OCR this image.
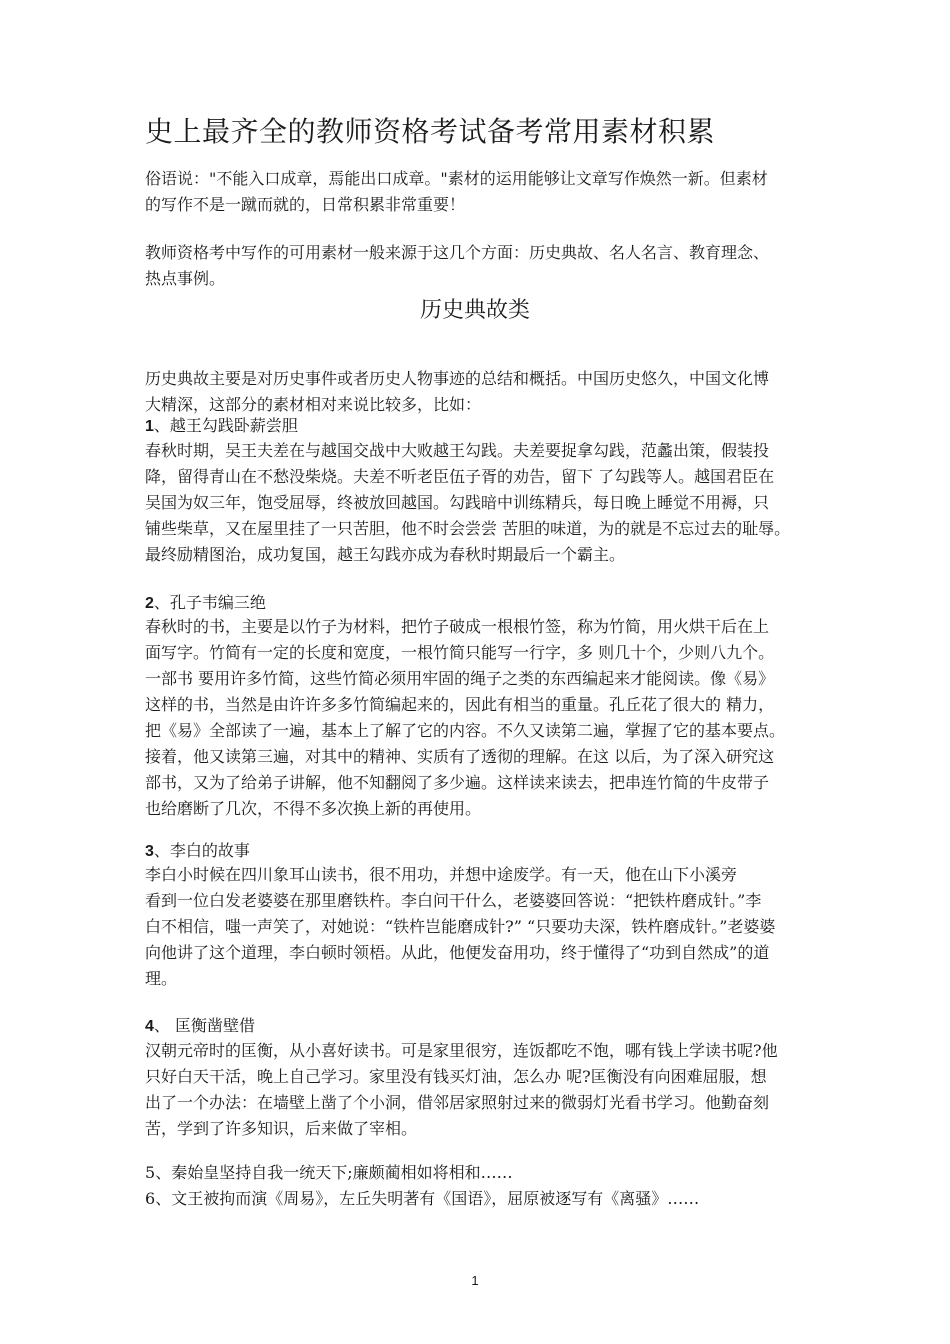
史上最齐全的教师资格考试备考常用素材积累

俗语说："不能入口成章，焉能出口成章。"素材的运用能够让文章写作焕然一新。但素材
的写作不是一蹴而就的，日常积累非常重要！

教师资格考中写作的可用素材一般来源于这几个方面：历史典故、名人名言、教育理念、
热点事例。

历史典故类

历史典故主要是对历史事件或者历史人物事迹的总结和概括。中国历史悠久，中国文化博
大精深，这部分的素材相对来说比较多，比如：

1、越王勾践卧薪尝胆

春秋时期，吴王夫差在与越国交战中大败越王勾践。夫差要捉拿勾践，范蠡出策，假装投
降，留得青山在不愁没柴烧。夫差不听老臣伍子胥的劝告，留下 了勾践等人。越国君臣在
吴国为奴三年，饱受屈辱，终被放回越国。勾践暗中训练精兵，每日晚上睡觉不用褥，只
铺些柴草，又在屋里挂了一只苦胆，他不时会尝尝 苦胆的味道，为的就是不忘过去的耻辱。
最终励精图治，成功复国，越王勾践亦成为春秋时期最后一个霸主。

2、孔子韦编三绝

春秋时的书，主要是以竹子为材料，把竹子破成一根根竹签，称为竹简，用火烘干后在上
面写字。竹简有一定的长度和宽度，一根竹简只能写一行字，多 则几十个，少则八九个。
一部书 要用许多竹简，这些竹简必须用牢固的绳子之类的东西编起来才能阅读。像《易》
这样的书，当然是由许许多多竹简编起来的，因此有相当的重量。孔丘花了很大的 精力，
把《易》全部读了一遍，基本上了解了它的内容。不久又读第二遍，掌握了它的基本要点。
接着，他又读第三遍，对其中的精神、实质有了透彻的理解。在这 以后，为了深入研究这
部书，又为了给弟子讲解，他不知翻阅了多少遍。这样读来读去，把串连竹简的牛皮带子
也给磨断了几次，不得不多次换上新的再使用。

3、李白的故事

李白小时候在四川象耳山读书，很不用功，并想中途废学。有一天，他在山下小溪旁
看到一位白发老婆婆在那里磨铁杵。李白问干什么，老婆婆回答说：“把铁杵磨成针。”李
白不相信，嗤一声笑了，对她说：“铁杵岂能磨成针?” “只要功夫深，铁杵磨成针。”老婆婆
向他讲了这个道理，李白顿时领梧。从此，他便发奋用功，终于懂得了“功到自然成”的道
理。

4、 匡衡凿壁借

汉朝元帝时的匡衡，从小喜好读书。可是家里很穷，连饭都吃不饱，哪有钱上学读书呢?他
只好白天干活，晚上自己学习。家里没有钱买灯油，怎么办 呢?匡衡没有向困难屈服，想
出了一个办法：在墙壁上凿了个小洞，借邻居家照射过来的微弱灯光看书学习。他勤奋刻
苦，学到了许多知识，后来做了宰相。

5、秦始皇坚持自我一统天下;廉颇蔺相如将相和……
6、文王被拘而演《周易》，左丘失明著有《国语》，屈原被逐写有《离骚》……
1
